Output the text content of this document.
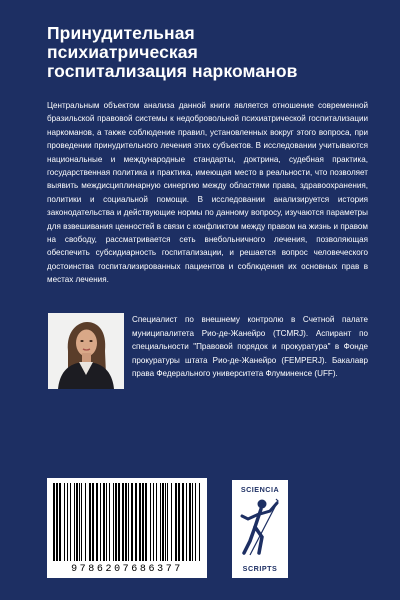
Принудительная
психиатрическая
госпитализация наркоманов

Центральным объектом анализа данной книги является отношение современной бразильской правовой системы к недобровольной психиатрической госпитализации наркоманов, а также соблюдение правил, установленных вокруг этого вопроса, при проведении принудительного лечения этих субъектов. В исследовании учитываются национальные и международные стандарты, доктрина, судебная практика, государственная политика и практика, имеющая место в реальности, что позволяет выявить междисциплинарную синергию между областями права, здравоохранения, политики и социальной помощи. В исследовании анализируется история законодательства и действующие нормы по данному вопросу, изучаются параметры для взвешивания ценностей в связи с конфликтом между правом на жизнь и правом на свободу, рассматривается сеть внебольничного лечения, позволяющая обеспечить субсидиарность госпитализации, и решается вопрос человеческого достоинства госпитализированных пациентов и соблюдения их основных прав в местах лечения.

Специалист по внешнему контролю в Счетной палате муниципалитета Рио-де-Жанейро (TCMRJ). Аспирант по специальности "Правовой порядок и прокуратура" в Фонде прокуратуры штата Рио-де-Жанейро (FEMPERJ). Бакалавр права Федерального университета Флуминенсе (UFF).

9786207686377
SCIENCIA
SCRIPTS
